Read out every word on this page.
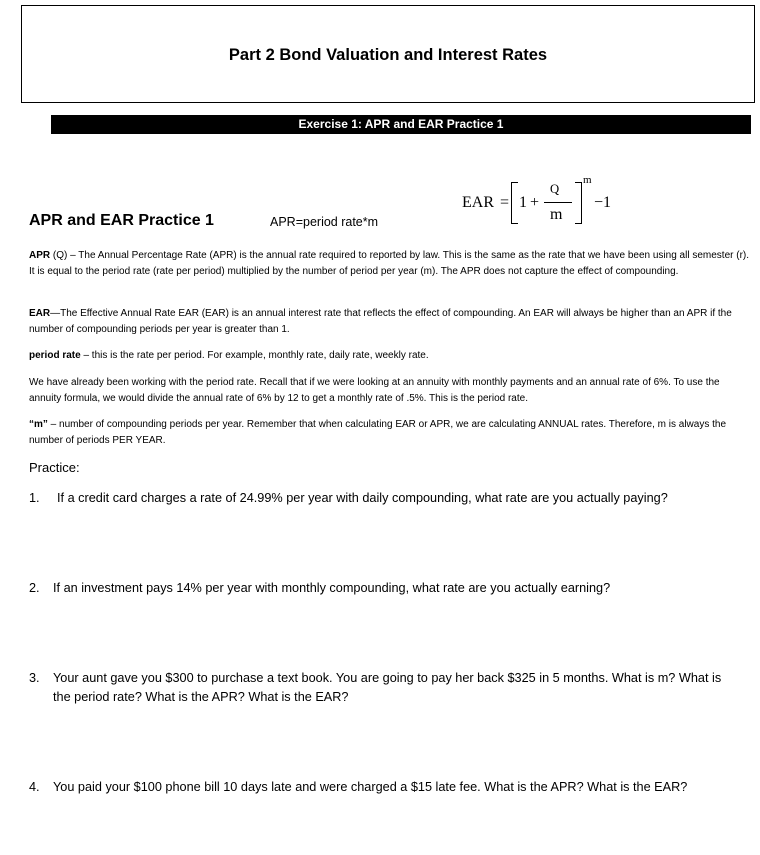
Part 2 Bond Valuation and Interest Rates
Exercise 1: APR and EAR Practice 1
EAR = 1 +
Q
m
m
−1
APR and EAR Practice 1	APR=period rate*m
APR (Q) – The Annual Percentage Rate (APR) is the annual rate required to reported by law. This is the same as the rate that we have been using all semester (r). It is equal to the period rate (rate per period) multiplied by the number of period per year (m). The APR does not capture the effect of compounding.
EAR—The Effective Annual Rate EAR (EAR) is an annual interest rate that reflects the effect of compounding. An EAR will always be higher than an APR if the number of compounding periods per year is greater than 1.
period rate – this is the rate per period. For example, monthly rate, daily rate, weekly rate.
We have already been working with the period rate. Recall that if we were looking at an annuity with monthly payments and an annual rate of 6%. To use the annuity formula, we would divide the annual rate of 6% by 12 to get a monthly rate of .5%. This is the period rate.
“m” – number of compounding periods per year. Remember that when calculating EAR or APR, we are calculating ANNUAL rates. Therefore, m is always the number of periods PER YEAR.
Practice:
1. If a credit card charges a rate of 24.99% per year with daily compounding, what rate are you actually paying?
2. If an investment pays 14% per year with monthly compounding, what rate are you actually earning?
3. Your aunt gave you $300 to purchase a text book. You are going to pay her back $325 in 5 months. What is m? What is the period rate? What is the APR? What is the EAR?
4. You paid your $100 phone bill 10 days late and were charged a $15 late fee. What is the APR? What is the EAR?
